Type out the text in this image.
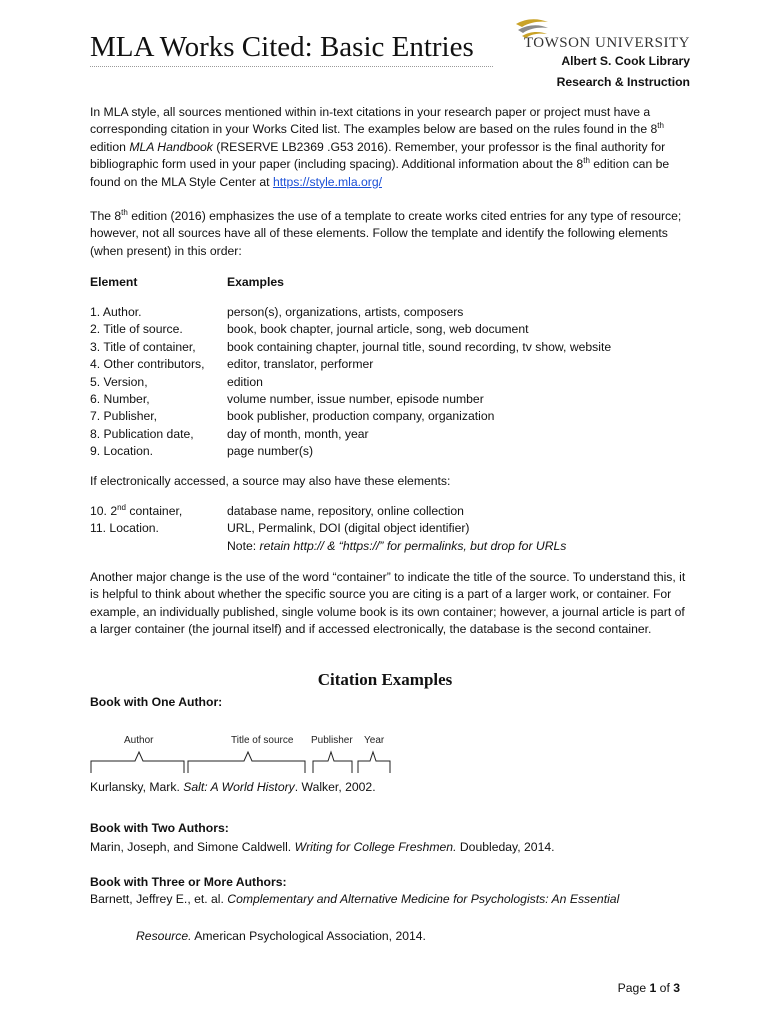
MLA Works Cited: Basic Entries	TOWSON UNIVERSITY
Albert S. Cook Library
Research & Instruction

In MLA style, all sources mentioned within in-text citations in your research paper or project must have a corresponding citation in your Works Cited list. The examples below are based on the rules found in the 8th edition MLA Handbook (RESERVE LB2369 .G53 2016). Remember, your professor is the final authority for bibliographic form used in your paper (including spacing). Additional information about the 8th edition can be found on the MLA Style Center at https://style.mla.org/

The 8th edition (2016) emphasizes the use of a template to create works cited entries for any type of resource; however, not all sources have all of these elements. Follow the template and identify the following elements (when present) in this order:

Element	Examples
1. Author.	person(s), organizations, artists, composers
2. Title of source.	book, book chapter, journal article, song, web document
3. Title of container,	book containing chapter, journal title, sound recording, tv show, website
4. Other contributors, editor, translator, performer
5. Version,	edition
6. Number,	volume number, issue number, episode number
7. Publisher,	book publisher, production company, organization
8. Publication date,	day of month, month, year
9. Location.	page number(s)
If electronically accessed, a source may also have these elements:
10. 2nd container,	database name, repository, online collection
11. Location.	URL, Permalink, DOI (digital object identifier)
Note: retain http:// & “https://” for permalinks, but drop for URLs
Another major change is the use of the word “container” to indicate the title of the source. To understand this, it is helpful to think about whether the specific source you are citing is a part of a larger work, or container. For example, an individually published, single volume book is its own container; however, a journal article is part of a larger container (the journal itself) and if accessed electronically, the database is the second container.
Citation Examples
Book with One Author:
Author	Title of source Publisher Year
Kurlansky, Mark. Salt: A World History. Walker, 2002.
Book with Two Authors:
Marin, Joseph, and Simone Caldwell. Writing for College Freshmen. Doubleday, 2014.
Book with Three or More Authors:
Barnett, Jeffrey E., et. al. Complementary and Alternative Medicine for Psychologists: An Essential
Resource. American Psychological Association, 2014.
Page 1 of 3
